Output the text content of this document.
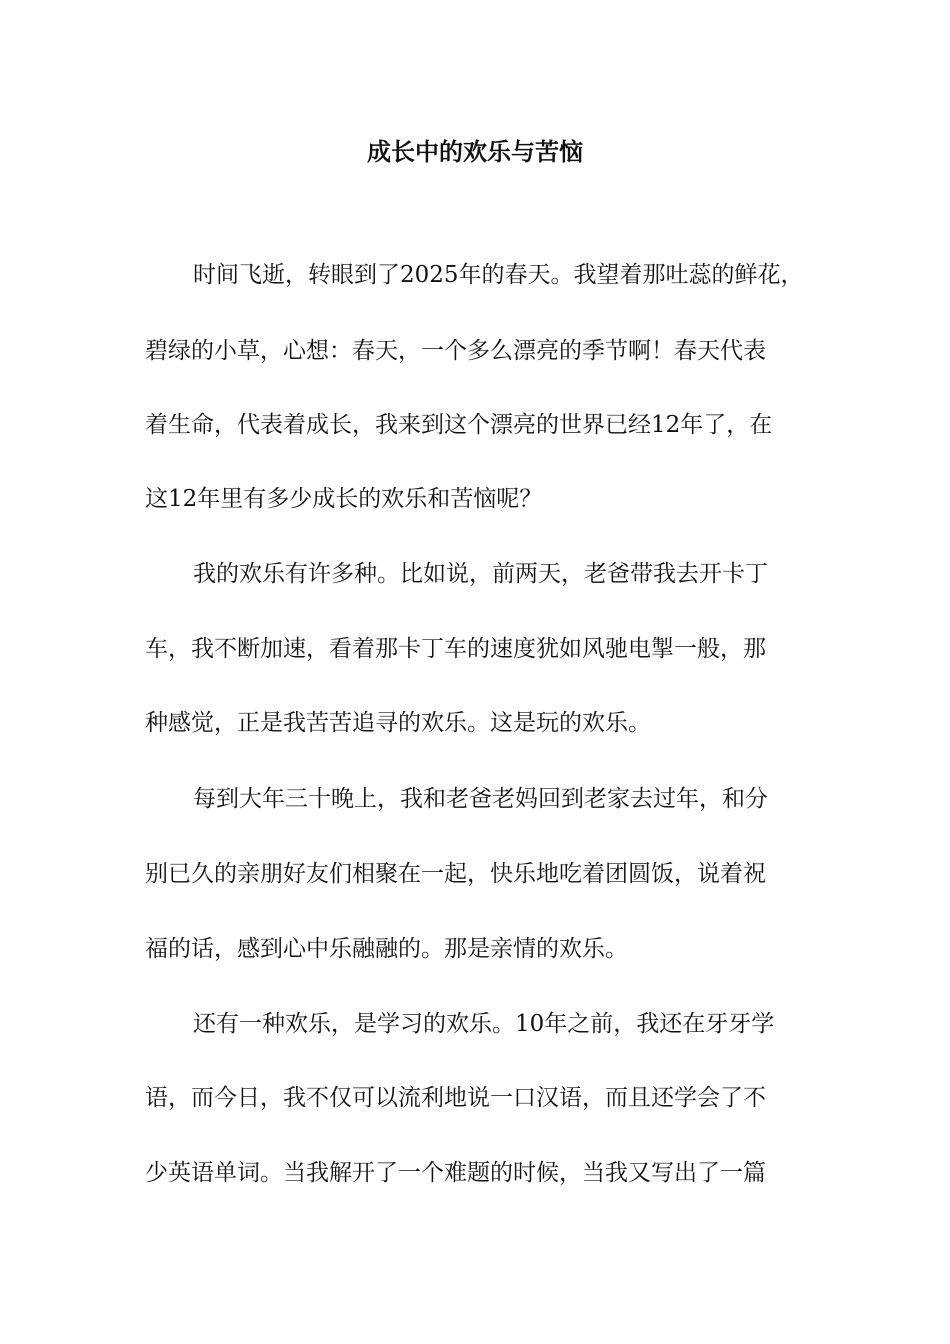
成长中的欢乐与苦恼
时间飞逝，转眼到了2025年的春天。我望着那吐蕊的鲜花，
碧绿的小草，心想：春天，一个多么漂亮的季节啊！春天代表
着生命，代表着成长，我来到这个漂亮的世界已经12年了，在
这12年里有多少成长的欢乐和苦恼呢？
我的欢乐有许多种。比如说，前两天，老爸带我去开卡丁
车，我不断加速，看着那卡丁车的速度犹如风驰电掣一般，那
种感觉，正是我苦苦追寻的欢乐。这是玩的欢乐。
每到大年三十晚上，我和老爸老妈回到老家去过年，和分
别已久的亲朋好友们相聚在一起，快乐地吃着团圆饭，说着祝
福的话，感到心中乐融融的。那是亲情的欢乐。
还有一种欢乐，是学习的欢乐。10年之前，我还在牙牙学
语，而今日，我不仅可以流利地说一口汉语，而且还学会了不
少英语单词。当我解开了一个难题的时候，当我又写出了一篇
